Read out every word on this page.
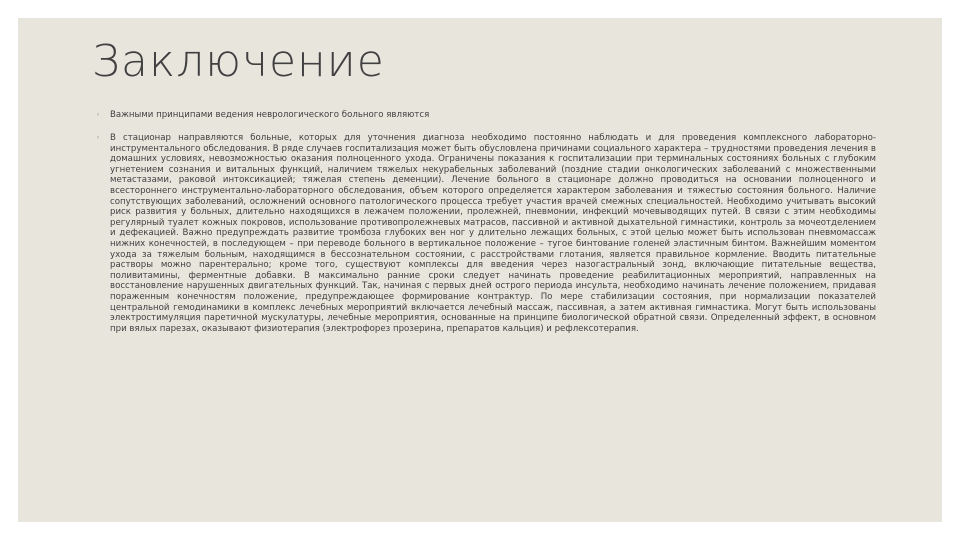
Заключение
◦ Важными принципами ведения неврологического больного являются
◦ В стационар направляются больные, которых для уточнения диагноза необходимо постоянно наблюдать и для проведения комплексного лабораторно-инструментального обследования. В ряде случаев госпитализация может быть обусловлена причинами социального характера – трудностями проведения лечения в домашних условиях, невозможностью оказания полноценного ухода. Ограничены показания к госпитализации при терминальных состояниях больных с глубоким угнетением сознания и витальных функций, наличием тяжелых некурабельных заболеваний (поздние стадии онкологических заболеваний с множественными метастазами, раковой интоксикацией; тяжелая степень деменции). Лечение больного в стационаре должно проводиться на основании полноценного и всестороннего инструментально-лабораторного обследования, объем которого определяется характером заболевания и тяжестью состояния больного. Наличие сопутствующих заболеваний, осложнений основного патологического процесса требует участия врачей смежных специальностей. Необходимо учитывать высокий риск развития у больных, длительно находящихся в лежачем положении, пролежней, пневмонии, инфекций мочевыводящих путей. В связи с этим необходимы регулярный туалет кожных покровов, использование противопролежневых матрасов, пассивной и активной дыхательной гимнастики, контроль за мочеотделением и дефекацией. Важно предупреждать развитие тромбоза глубоких вен ног у длительно лежащих больных, с этой целью может быть использован пневмомассаж нижних конечностей, в последующем – при переводе больного в вертикальное положение – тугое бинтование голеней эластичным бинтом. Важнейшим моментом ухода за тяжелым больным, находящимся в бессознательном состоянии, с расстройствами глотания, является правильное кормление. Вводить питательные растворы можно парентерально; кроме того, существуют комплексы для введения через назогастральный зонд, включающие питательные вещества, поливитамины, ферментные добавки. В максимально ранние сроки следует начинать проведение реабилитационных мероприятий, направленных на восстановление нарушенных двигательных функций. Так, начиная с первых дней острого периода инсульта, необходимо начинать лечение положением, придавая пораженным конечностям положение, предупреждающее формирование контрактур. По мере стабилизации состояния, при нормализации показателей центральной гемодинамики в комплекс лечебных мероприятий включается лечебный массаж, пассивная, а затем активная гимнастика. Могут быть использованы электростимуляция паретичной мускулатуры, лечебные мероприятия, основанные на принципе биологической обратной связи. Определенный эффект, в основном при вялых парезах, оказывают физиотерапия (электрофорез прозерина, препаратов кальция) и рефлексотерапия.
